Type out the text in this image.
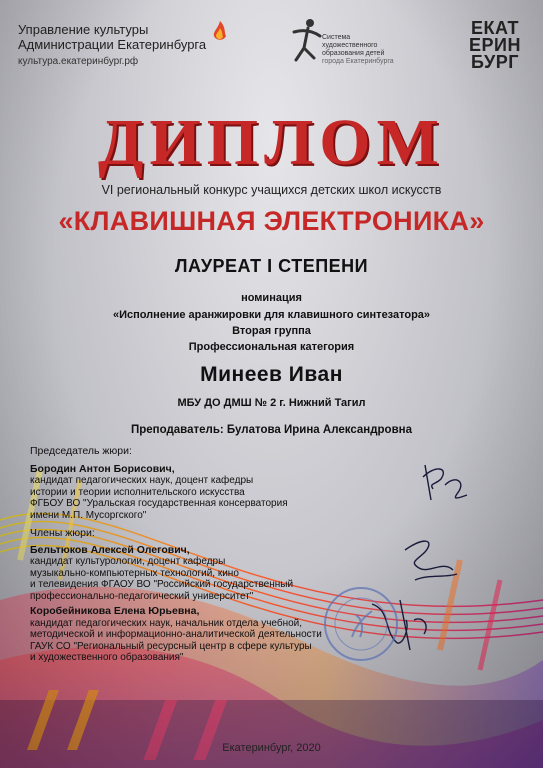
Управление культуры
Администрации Екатеринбурга
культура.екатеринбург.рф
Система
художественного
образования детей
города Екатеринбурга
ЕКАТ
ЕРИН
БУРГ
ДИПЛОМ
VI региональный конкурс учащихся детских школ искусств
«КЛАВИШНАЯ ЭЛЕКТРОНИКА»
ЛАУРЕАТ I СТЕПЕНИ
номинация
«Исполнение аранжировки для клавишного синтезатора»
Вторая группа
Профессиональная категория
Минеев Иван
МБУ ДО ДМШ № 2 г. Нижний Тагил
Преподаватель: Булатова Ирина Александровна
Председатель жюри:
Бородин Антон Борисович,
кандидат педагогических наук, доцент кафедры
истории и теории исполнительского искусства
ФГБОУ ВО "Уральская государственная консерватория
имени М.П. Мусоргского"
Члены жюри:
Бельтюков Алексей Олегович,
кандидат культурологии, доцент кафедры
музыкально-компьютерных технологий, кино
и телевидения ФГАОУ ВО "Российский государственный
профессионально-педагогический университет"
Коробейникова Елена Юрьевна,
кандидат педагогических наук, начальник отдела учебной,
методической и информационно-аналитической деятельности
ГАУК СО "Региональный ресурсный центр в сфере культуры
и художественного образования"
Екатеринбург, 2020
